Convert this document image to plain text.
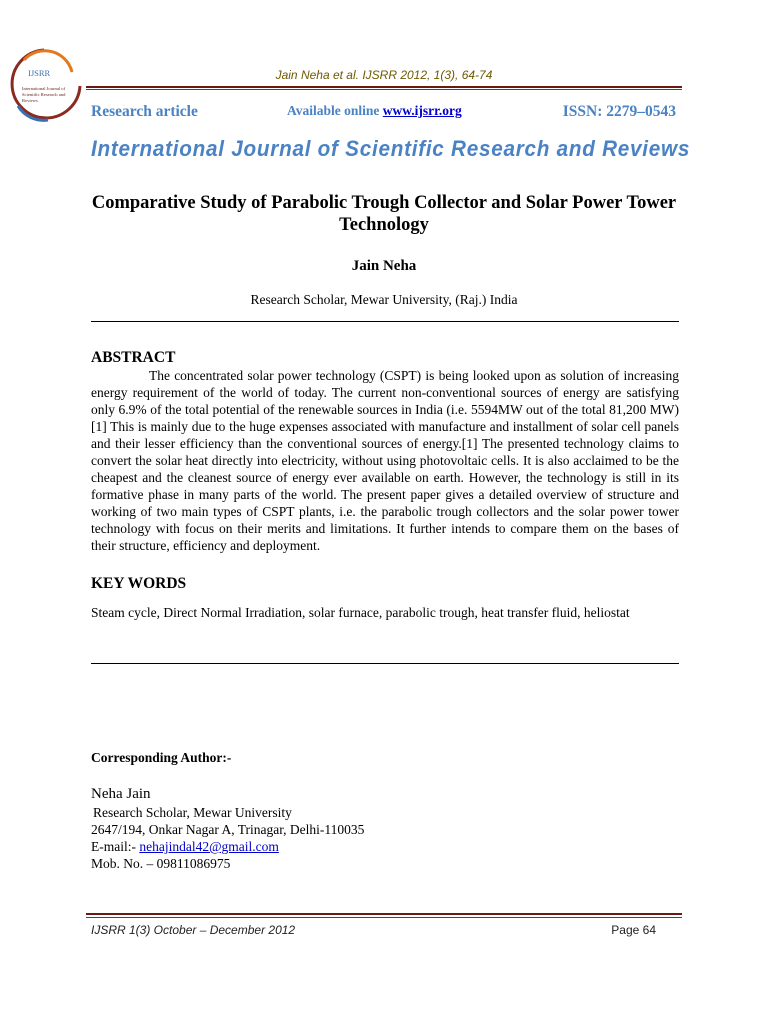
IJSRR
International Journal of
Scientific Research and
Reviews
Jain Neha et al. IJSRR 2012, 1(3), 64-74
Research article	Available online www.ijsrr.org	ISSN: 2279–0543
International Journal of Scientific Research and Reviews
Comparative Study of Parabolic Trough Collector and Solar Power Tower Technology
Jain Neha
Research Scholar, Mewar University, (Raj.) India
ABSTRACT
The concentrated solar power technology (CSPT) is being looked upon as solution of increasing energy requirement of the world of today. The current non-conventional sources of energy are satisfying only 6.9% of the total potential of the renewable sources in India (i.e. 5594MW out of the total 81,200 MW) [1] This is mainly due to the huge expenses associated with manufacture and installment of solar cell panels and their lesser efficiency than the conventional sources of energy.[1] The presented technology claims to convert the solar heat directly into electricity, without using photovoltaic cells. It is also acclaimed to be the cheapest and the cleanest source of energy ever available on earth. However, the technology is still in its formative phase in many parts of the world. The present paper gives a detailed overview of structure and working of two main types of CSPT plants, i.e. the parabolic trough collectors and the solar power tower technology with focus on their merits and limitations. It further intends to compare them on the bases of their structure, efficiency and deployment.
KEY WORDS
Steam cycle, Direct Normal Irradiation, solar furnace, parabolic trough, heat transfer fluid, heliostat
Corresponding Author:-
Neha Jain
Research Scholar, Mewar University
2647/194, Onkar Nagar A, Trinagar, Delhi-110035
E-mail:- nehajindal42@gmail.com
Mob. No. – 09811086975
IJSRR 1(3) October – December 2012	Page 64
